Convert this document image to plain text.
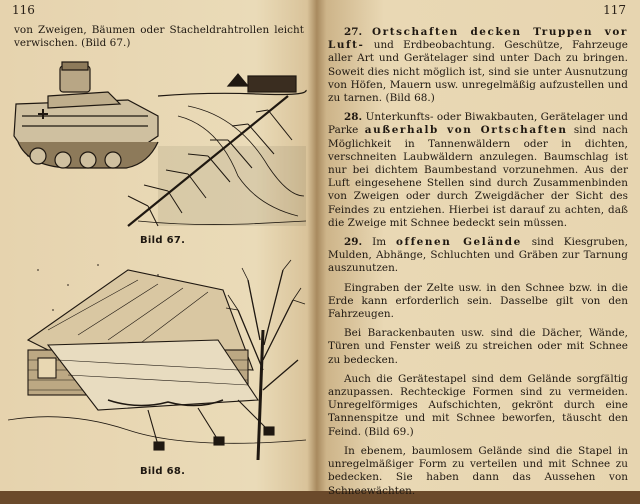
116
von Zweigen, Bäumen oder Stacheldrahtrollen leicht verwischen. (Bild 67.)
Bild 67.
Bild 68.
117

27. Ortschaften decken Truppen vor Luft- und Erdbeobachtung. Geschütze, Fahrzeuge aller Art und Gerätelager sind unter Dach zu bringen. Soweit dies nicht möglich ist, sind sie unter Ausnutzung von Höfen, Mauern usw. unregelmäßig aufzustellen und zu tarnen. (Bild 68.)

28. Unterkunfts- oder Biwakbauten, Gerätelager und Parke außerhalb von Ortschaften sind nach Möglichkeit in Tannenwäldern oder in dichten, verschneiten Laubwäldern anzulegen. Baumschlag ist nur bei dichtem Baumbestand vorzunehmen. Aus der Luft eingesehene Stellen sind durch Zusammenbinden von Zweigen oder durch Zweigdächer der Sicht des Feindes zu entziehen. Hierbei ist darauf zu achten, daß die Zweige mit Schnee bedeckt sein müssen.

29. Im offenen Gelände sind Kiesgruben, Mulden, Abhänge, Schluchten und Gräben zur Tarnung auszunutzen.

Eingraben der Zelte usw. in den Schnee bzw. in die Erde kann erforderlich sein. Dasselbe gilt von den Fahrzeugen.

Bei Barackenbauten usw. sind die Dächer, Wände, Türen und Fenster weiß zu streichen oder mit Schnee zu bedecken.

Auch die Gerätestapel sind dem Gelände sorgfältig anzupassen. Rechteckige Formen sind zu vermeiden. Unregelförmiges Aufschichten, gekrönt durch eine Tannenspitze und mit Schnee beworfen, täuscht den Feind. (Bild 69.)

In ebenem, baumlosem Gelände sind die Stapel in unregelmäßiger Form zu verteilen und mit Schnee zu bedecken. Sie haben dann das Aussehen von Schneewächten.
